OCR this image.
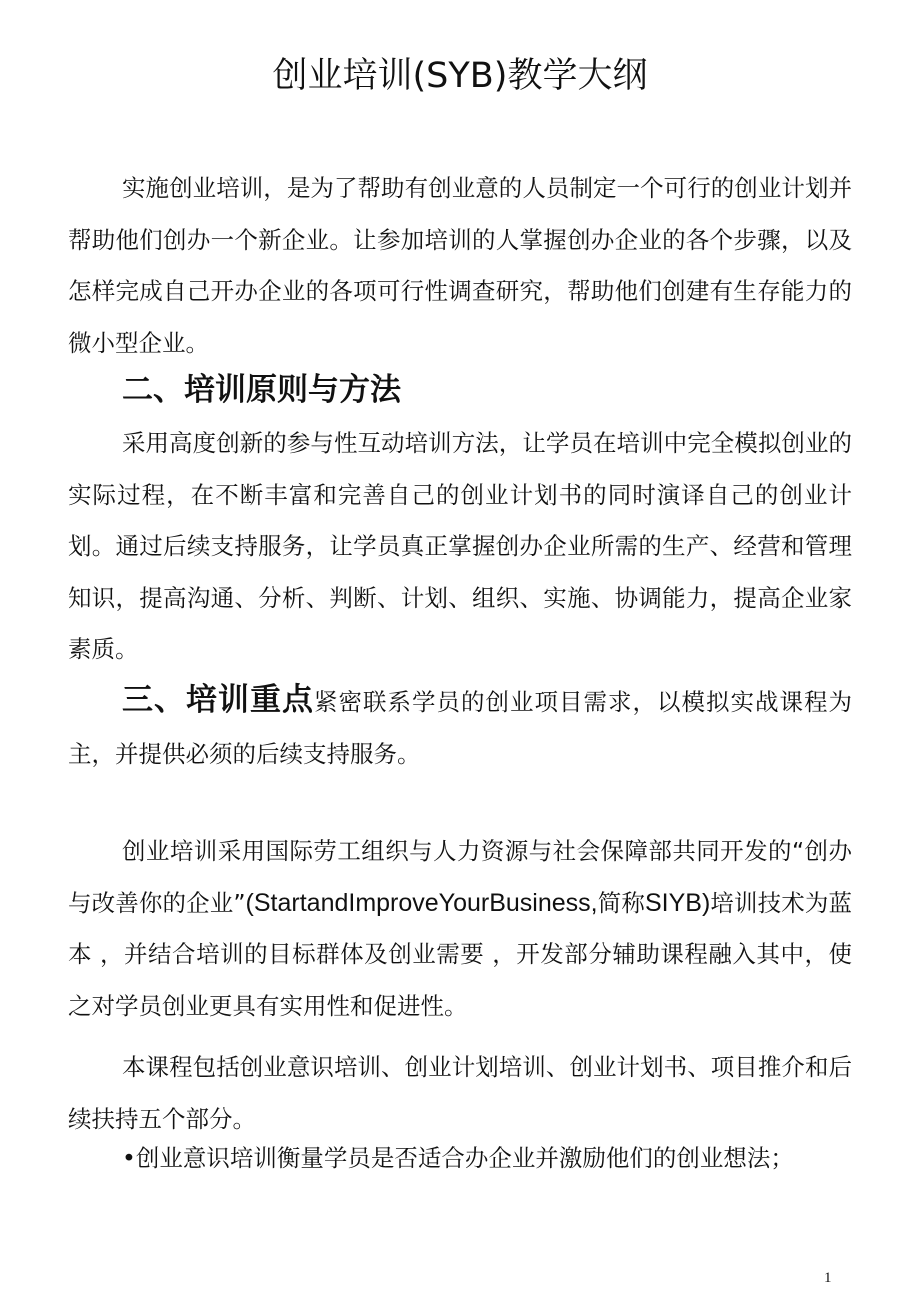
创业培训(SYB)教学大纲

实施创业培训，是为了帮助有创业意的人员制定一个可行的创业计划并帮助他们创办一个新企业。让参加培训的人掌握创办企业的各个步骤，以及怎样完成自己开办企业的各项可行性调查研究，帮助他们创建有生存能力的微小型企业。

二、培训原则与方法

采用高度创新的参与性互动培训方法，让学员在培训中完全模拟创业的实际过程，在不断丰富和完善自己的创业计划书的同时演译自己的创业计划。通过后续支持服务，让学员真正掌握创办企业所需的生产、经营和管理知识，提高沟通、分析、判断、计划、组织、实施、协调能力，提高企业家素质。

三、培训重点紧密联系学员的创业项目需求，以模拟实战课程为主，并提供必须的后续支持服务。

创业培训采用国际劳工组织与人力资源与社会保障部共同开发的“创办与改善你的企业”(StartandImproveYourBusiness,简称SIYB)培训技术为蓝本 ，并结合培训的目标群体及创业需要 ，开发部分辅助课程融入其中，使之对学员创业更具有实用性和促进性。

本课程包括创业意识培训、创业计划培训、创业计划书、项目推介和后续扶持五个部分。

•创业意识培训衡量学员是否适合办企业并激励他们的创业想法；

1
